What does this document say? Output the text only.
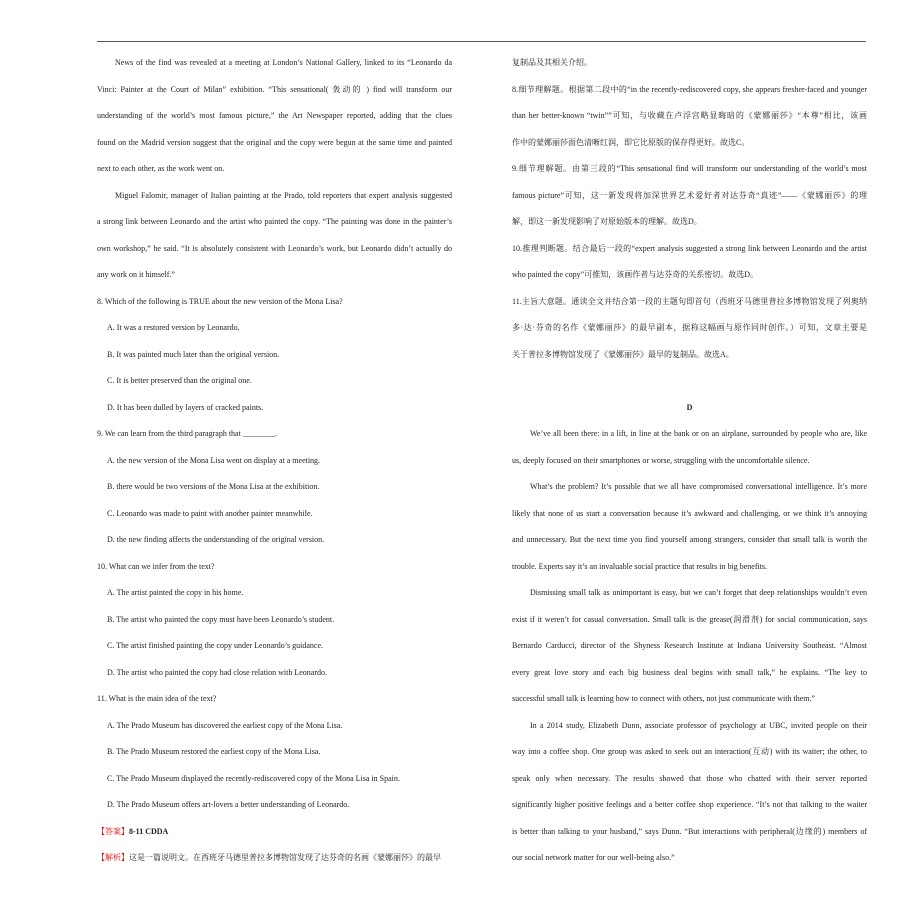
News of the find was revealed at a meeting at London’s National Gallery, linked to its “Leonardo da
Vinci: Painter at the Court of Milan” exhibition. “This sensational( 轰动的 ) find will transform our
understanding of the world’s most famous picture,” the Art Newspaper reported, adding that the clues
found on the Madrid version suggest that the original and the copy were begun at the same time and painted
next to each other, as the work went on.
Miguel Falomir, manager of Italian painting at the Prado, told reporters that expert analysis suggested
a strong link between Leonardo and the artist who painted the copy. “The painting was done in the painter’s
own workshop,” he said. “It is absolutely consistent with Leonardo’s work, but Leonardo didn’t actually do
any work on it himself.”
8. Which of the following is TRUE about the new version of the Mona Lisa?
A. It was a restored version by Leonardo.
B. It was painted much later than the original version.
C. It is better preserved than the original one.
D. It has been dulled by layers of cracked paints.
9. We can learn from the third paragraph that ________.
A. the new version of the Mona Lisa went on display at a meeting.
B. there would be two versions of the Mona Lisa at the exhibition.
C. Leonardo was made to paint with another painter meanwhile.
D. the new finding affects the understanding of the original version.
10. What can we infer from the text?
A. The artist painted the copy in his home.
B. The artist who painted the copy must have been Leonardo’s student.
C. The artist finished painting the copy under Leonardo’s guidance.
D. The artist who painted the copy had close relation with Leonardo.
11. What is the main idea of the text?
A. The Prado Museum has discovered the earliest copy of the Mona Lisa.
B. The Prado Museum restored the earliest copy of the Mona Lisa.
C. The Prado Museum displayed the recently-rediscovered copy of the Mona Lisa in Spain.
D. The Prado Museum offers art-lovers a better understanding of Leonardo.
【答案】8-11 CDDA
【解析】这是一篇说明文。在西班牙马德里普拉多博物馆发现了达芬奇的名画《蒙娜丽莎》的最早
复制品及其相关介绍。
8.细节理解题。根据第二段中的“in the recently-rediscovered copy, she appears fresher-faced and younger
than her better-known “twin””可知，与收藏在卢浮宫略显晦暗的《蒙娜丽莎》“本尊”相比，该画
作中的蒙娜丽莎面色清晰红润，即它比原版的保存得更好。故选C。
9.细节理解题。由第三段的“This sensational find will transform our understanding of the world’s most
famous picture”可知，这一新发现将加深世界艺术爱好者对达芬奇“真迹”——《蒙娜丽莎》的理
解，即这一新发现影响了对原始版本的理解。故选D。
10.推理判断题。结合最后一段的“expert analysis suggested a strong link between Leonardo and the artist
who painted the copy”可推知，该画作者与达芬奇的关系密切。故选D。
11.主旨大意题。通读全文并结合第一段的主题句即首句（西班牙马德里普拉多博物馆发现了列奥纳
多·达·芬奇的名作《蒙娜丽莎》的最早副本，据称这幅画与原作同时创作。）可知，文章主要是
关于普拉多博物馆发现了《蒙娜丽莎》最早的复制品。故选A。
D
We’ve all been there: in a lift, in line at the bank or on an airplane, surrounded by people who are, like
us, deeply focused on their smartphones or worse, struggling with the uncomfortable silence.
What’s the problem? It’s possible that we all have compromised conversational intelligence. It’s more
likely that none of us start a conversation because it’s awkward and challenging, or we think it’s annoying
and unnecessary. But the next time you find yourself among strangers, consider that small talk is worth the
trouble. Experts say it’s an invaluable social practice that results in big benefits.
Dismissing small talk as unimportant is easy, but we can’t forget that deep relationships wouldn’t even
exist if it weren’t for casual conversation. Small talk is the grease(润滑剂) for social communication, says
Bernardo Carducci, director of the Shyness Research Institute at Indiana University Southeast. “Almost
every great love story and each big business deal begins with small talk,” he explains. “The key to
successful small talk is learning how to connect with others, not just communicate with them.”
In a 2014 study, Elizabeth Dunn, associate professor of psychology at UBC, invited people on their
way into a coffee shop. One group was asked to seek out an interaction(互动) with its waiter; the other, to
speak only when necessary. The results showed that those who chatted with their server reported
significantly higher positive feelings and a better coffee shop experience. “It’s not that talking to the waiter
is better than talking to your husband,” says Dunn. “But interactions with peripheral(边缘的) members of
our social network matter for our well-being also.”
